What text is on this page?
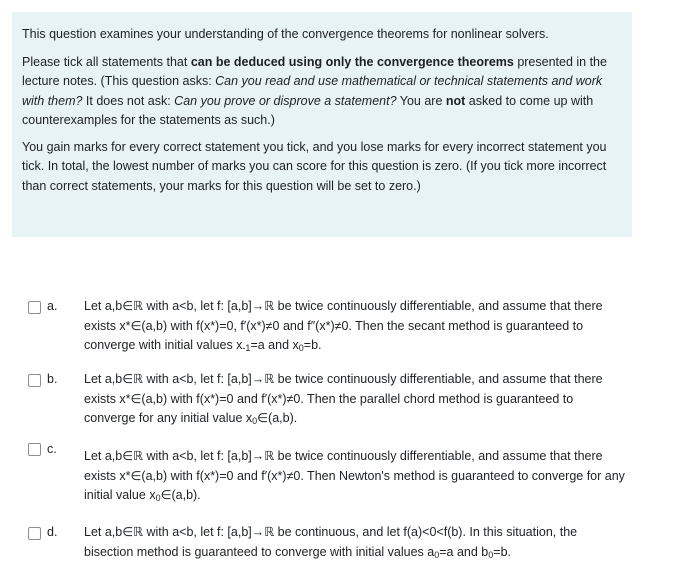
This question examines your understanding of the convergence theorems for nonlinear solvers.

Please tick all statements that can be deduced using only the convergence theorems presented in the lecture notes. (This question asks: Can you read and use mathematical or technical statements and work with them? It does not ask: Can you prove or disprove a statement? You are not asked to come up with counterexamples for the statements as such.)

You gain marks for every correct statement you tick, and you lose marks for every incorrect statement you tick. In total, the lowest number of marks you can score for this question is zero. (If you tick more incorrect than correct statements, your marks for this question will be set to zero.)

a. Let a,b∈ℝ with a<b, let f: [a,b]→ℝ be twice continuously differentiable, and assume that there exists x*∈(a,b) with f(x*)=0, f′(x*)≠0 and f″(x*)≠0. Then the secant method is guaranteed to converge with initial values $x_{-1}=a$ and $x_0=b$.
b. Let a,b∈ℝ with a<b, let f: [a,b]→ℝ be twice continuously differentiable, and assume that there exists x*∈(a,b) with f(x*)=0 and f′(x*)≠0. Then the parallel chord method is guaranteed to converge for any initial value $x_0\in(a,b)$.
c. Let a,b∈ℝ with a<b, let f: [a,b]→ℝ be twice continuously differentiable, and assume that there exists x*∈(a,b) with f(x*)=0 and f′(x*)≠0. Then Newton's method is guaranteed to converge for any initial value $x_0\in(a,b)$.
d. Let a,b∈ℝ with a<b, let f: [a,b]→ℝ be continuous, and let f(a)<0<f(b). In this situation, the bisection method is guaranteed to converge with initial values $a_0=a$ and $b_0=b$.
